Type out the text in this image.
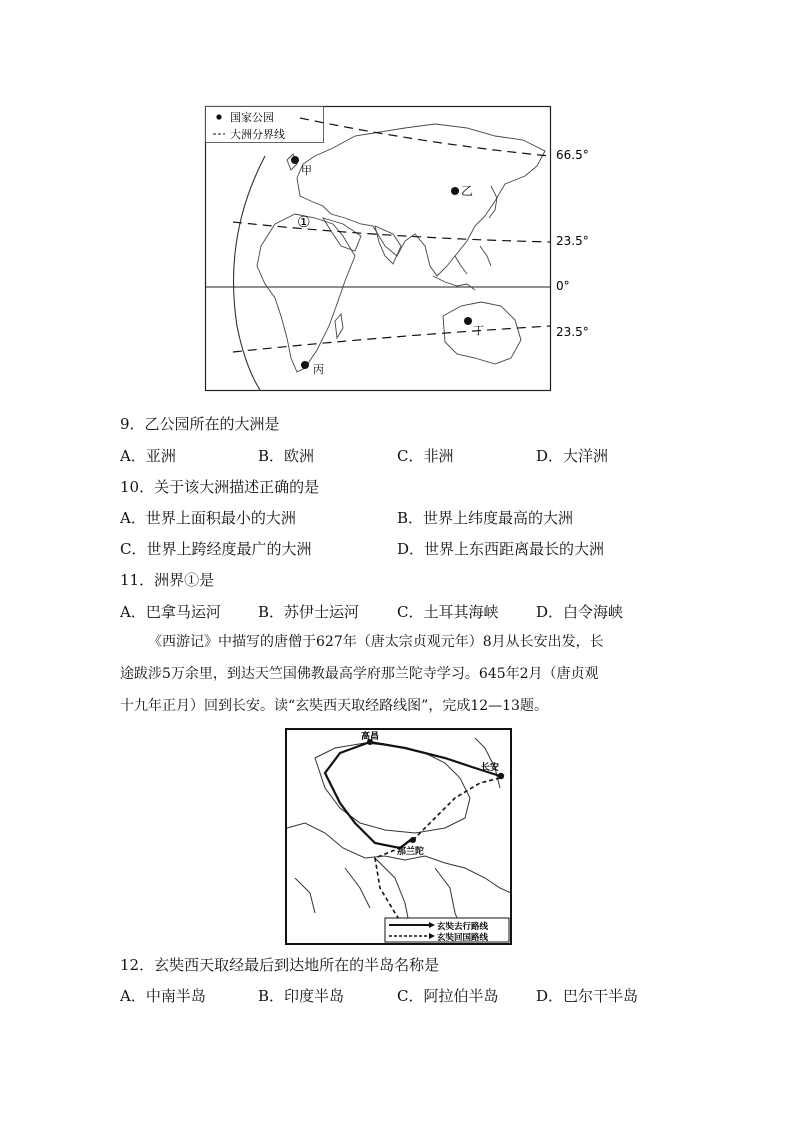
国家公园
大洲分界线
66.5°
23.5°
0°
23.5°
甲
乙
丙
丁
①
9．乙公园所在的大洲是
A．亚洲	B．欧洲	C．非洲	D．大洋洲
10．关于该大洲描述正确的是
A．世界上面积最小的大洲	B．世界上纬度最高的大洲
C．世界上跨经度最广的大洲	D．世界上东西距离最长的大洲
11．洲界①是
A．巴拿马运河 B．苏伊士运河	C．土耳其海峡	D．白令海峡
《西游记》中描写的唐僧于627年（唐太宗贞观元年）8月从长安出发，长
途跋涉5万余里，到达天竺国佛教最高学府那兰陀寺学习。645年2月（唐贞观
十九年正月）回到长安。读“玄奘西天取经路线图”，完成12—13题。
高昌
长安
那兰陀
玄奘去行路线
玄奘回国路线
12．玄奘西天取经最后到达地所在的半岛名称是
A．中南半岛	B．印度半岛	C．阿拉伯半岛	D．巴尔干半岛
